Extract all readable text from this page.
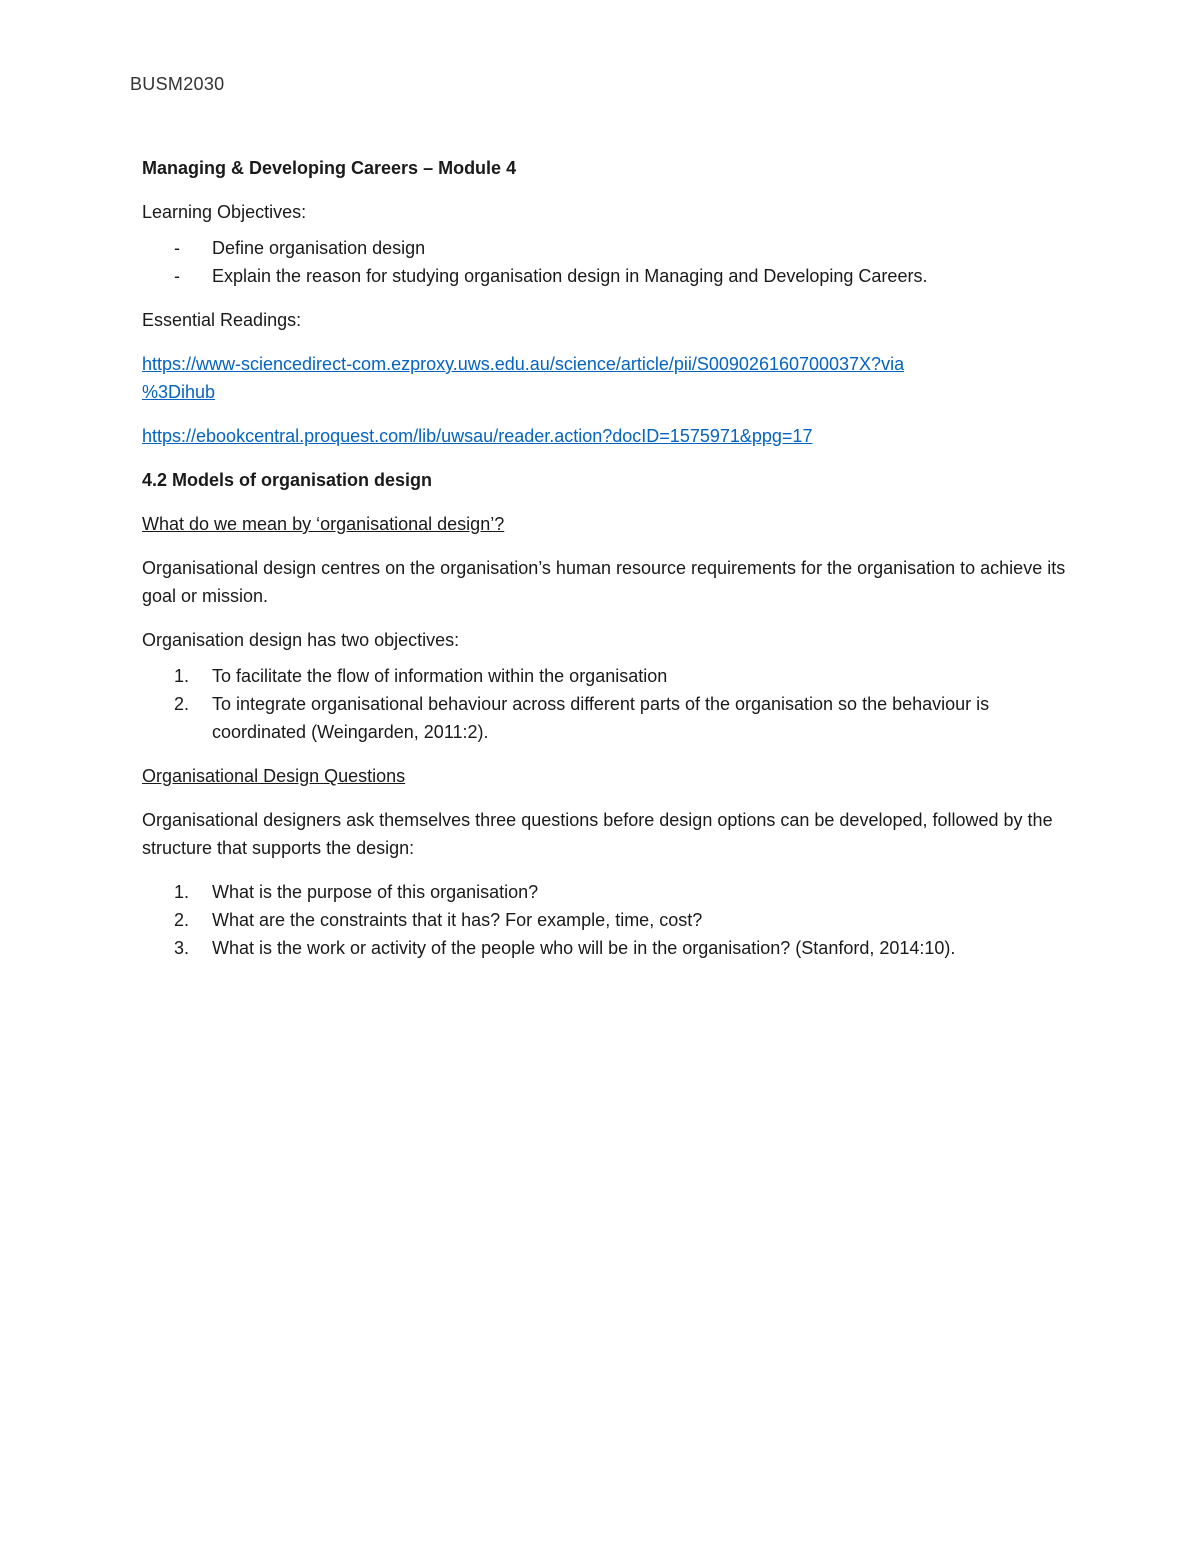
BUSM2030

Managing & Developing Careers – Module 4

Learning Objectives:

- Define organisation design
- Explain the reason for studying organisation design in Managing and Developing Careers.

Essential Readings:

https://www-sciencedirect-com.ezproxy.uws.edu.au/science/article/pii/S009026160700037X?via
%3Dihub

https://ebookcentral.proquest.com/lib/uwsau/reader.action?docID=1575971&ppg=17

4.2 Models of organisation design

What do we mean by ‘organisational design’?

Organisational design centres on the organisation’s human resource requirements for the organisation to achieve its goal or mission.

Organisation design has two objectives:

1. To facilitate the flow of information within the organisation
2. To integrate organisational behaviour across different parts of the organisation so the behaviour is coordinated (Weingarden, 2011:2).

Organisational Design Questions

Organisational designers ask themselves three questions before design options can be developed, followed by the structure that supports the design:

1. What is the purpose of this organisation?
2. What are the constraints that it has? For example, time, cost?
3. What is the work or activity of the people who will be in the organisation? (Stanford, 2014:10).
